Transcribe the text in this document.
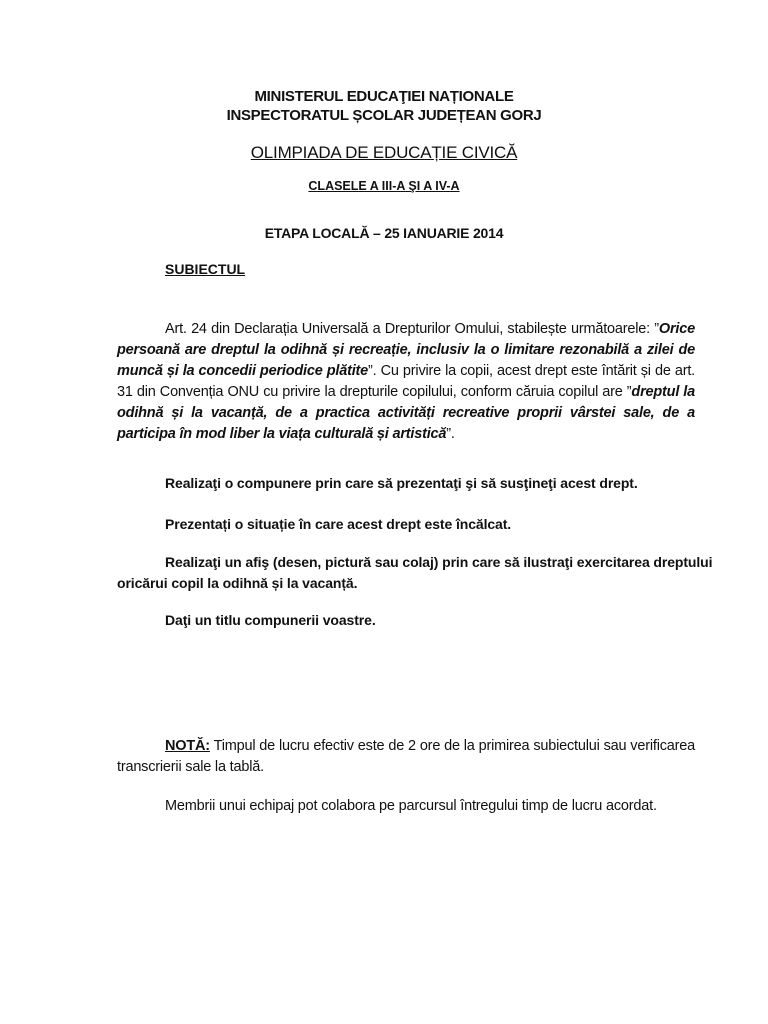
MINISTERUL EDUCAŢIEI NAȚIONALE
INSPECTORATUL ȘCOLAR JUDEȚEAN GORJ
OLIMPIADA DE EDUCAȚIE CIVICĂ
CLASELE A III-A ŞI A IV-A
ETAPA LOCALĂ – 25 IANUARIE 2014
SUBIECTUL
Art. 24 din Declarația Universală a Drepturilor Omului, stabilește următoarele: ”Orice persoană are dreptul la odihnă și recreație, inclusiv la o limitare rezonabilă a zilei de muncă și la concedii periodice plătite”. Cu privire la copii, acest drept este întărit și de art. 31 din Convenția ONU cu privire la drepturile copilului, conform căruia copilul are ”dreptul la odihnă și la vacanță, de a practica activități recreative proprii vârstei sale, de a participa în mod liber la viața culturală și artistică”.
Realizaţi o compunere prin care să prezentaţi şi să susţineţi acest drept.
Prezentați o situație în care acest drept este încălcat.
Realizaţi un afiş (desen, pictură sau colaj) prin care să ilustraţi exercitarea dreptului oricărui copil la odihnă și la vacanță.
Daţi un titlu compunerii voastre.
NOTĂ: Timpul de lucru efectiv este de 2 ore de la primirea subiectului sau verificarea transcrierii sale la tablă.
Membrii unui echipaj pot colabora pe parcursul întregului timp de lucru acordat.
